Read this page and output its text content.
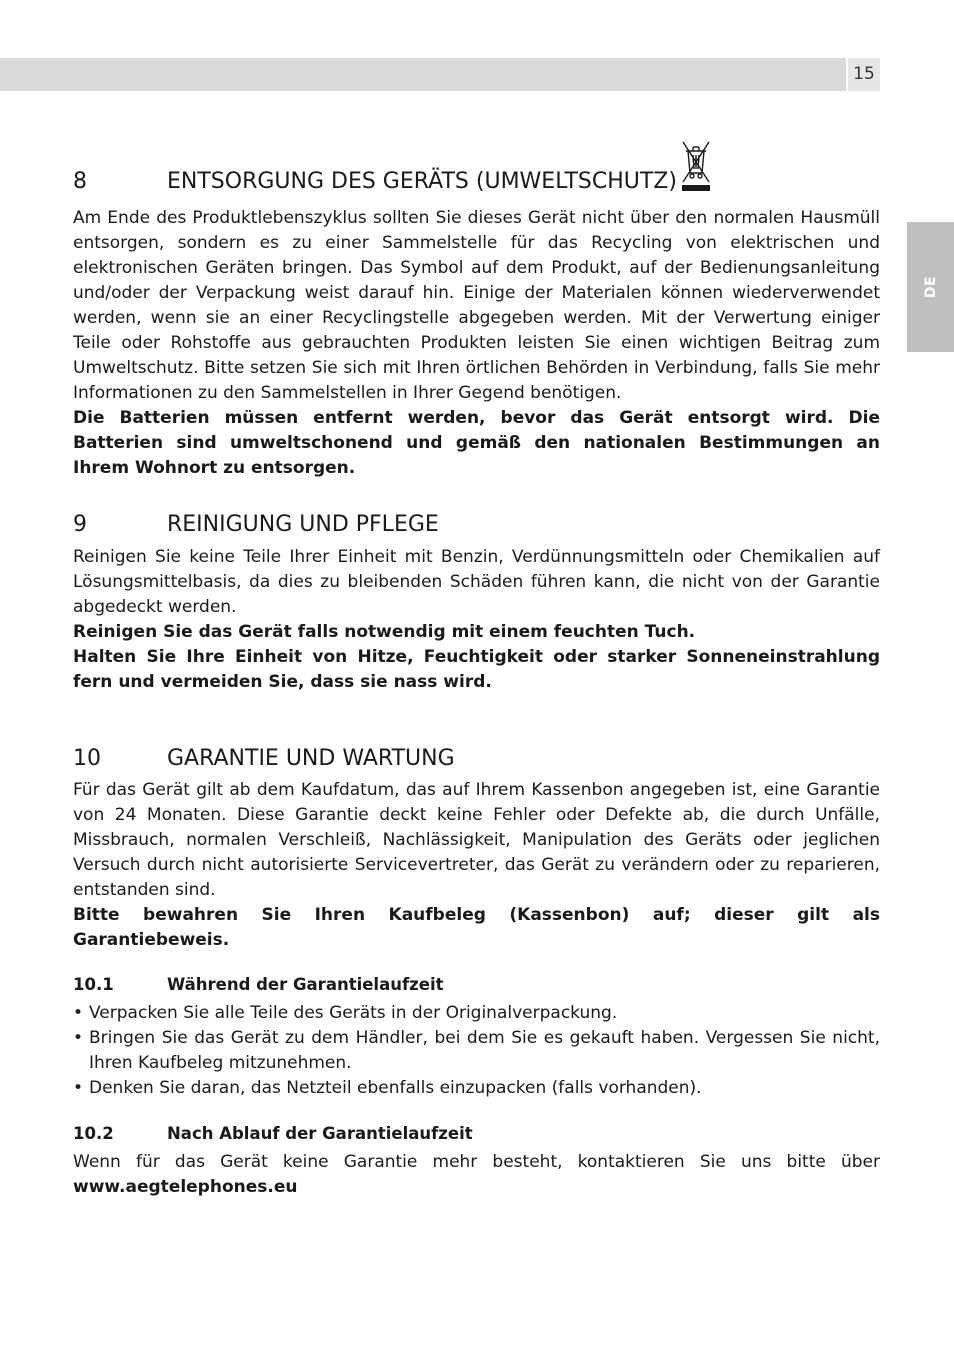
15
DE
8	ENTSORGUNG DES GERÄTS (UMWELTSCHUTZ)

Am Ende des Produktlebenszyklus sollten Sie dieses Gerät nicht über den normalen Hausmüll entsorgen, sondern es zu einer Sammelstelle für das Recycling von elektrischen und elektronischen Geräten bringen. Das Symbol auf dem Produkt, auf der Bedienungsanleitung und/oder der Verpackung weist darauf hin. Einige der Materialen können wiederverwendet werden, wenn sie an einer Recyclingstelle abgegeben werden. Mit der Verwertung einiger Teile oder Rohstoffe aus gebrauchten Produkten leisten Sie einen wichtigen Beitrag zum Umweltschutz. Bitte setzen Sie sich mit Ihren örtlichen Behörden in Verbindung, falls Sie mehr Informationen zu den Sammelstellen in Ihrer Gegend benötigen.

Die Batterien müssen entfernt werden, bevor das Gerät entsorgt wird. Die Batterien sind umweltschonend und gemäß den nationalen Bestimmungen an Ihrem Wohnort zu entsorgen.

9	REINIGUNG UND PFLEGE

Reinigen Sie keine Teile Ihrer Einheit mit Benzin, Verdünnungsmitteln oder Chemikalien auf Lösungsmittelbasis, da dies zu bleibenden Schäden führen kann, die nicht von der Garantie abgedeckt werden.

Reinigen Sie das Gerät falls notwendig mit einem feuchten Tuch.

Halten Sie Ihre Einheit von Hitze, Feuchtigkeit oder starker Sonneneinstrahlung fern und vermeiden Sie, dass sie nass wird.

10	GARANTIE UND WARTUNG

Für das Gerät gilt ab dem Kaufdatum, das auf Ihrem Kassenbon angegeben ist, eine Garantie von 24 Monaten. Diese Garantie deckt keine Fehler oder Defekte ab, die durch Unfälle, Missbrauch, normalen Verschleiß, Nachlässigkeit, Manipulation des Geräts oder jeglichen Versuch durch nicht autorisierte Servicevertreter, das Gerät zu verändern oder zu reparieren, entstanden sind.

Bitte bewahren Sie Ihren Kaufbeleg (Kassenbon) auf; dieser gilt als Garantiebeweis.

10.1	Während der Garantielaufzeit
• Verpacken Sie alle Teile des Geräts in der Originalverpackung.
• Bringen Sie das Gerät zu dem Händler, bei dem Sie es gekauft haben. Vergessen Sie nicht, Ihren Kaufbeleg mitzunehmen.
• Denken Sie daran, das Netzteil ebenfalls einzupacken (falls vorhanden).
10.2	Nach Ablauf der Garantielaufzeit

Wenn für das Gerät keine Garantie mehr besteht, kontaktieren Sie uns bitte über www.aegtelephones.eu
